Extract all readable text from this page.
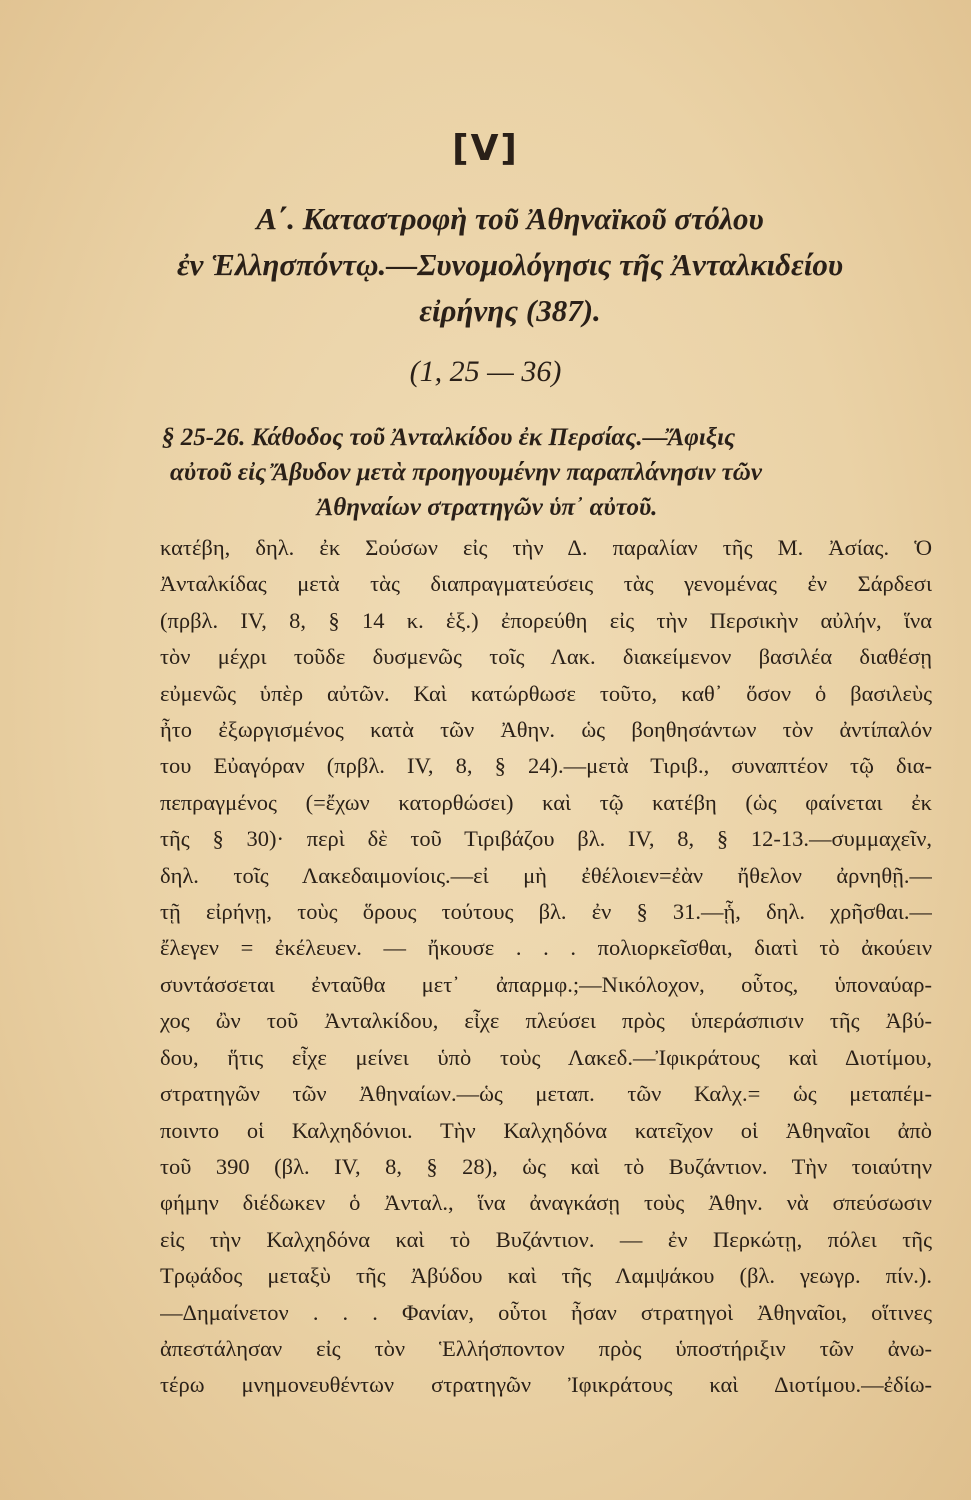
[V]
Α΄. Καταστροφὴ τοῦ Ἀθηναϊκοῦ στόλου
ἐν Ἑλλησπόντῳ.—Συνομολόγησις τῆς Ἀνταλκιδείου
εἰρήνης (387).
(1, 25 — 36)
§ 25-26. Κάθοδος τοῦ Ἀνταλκίδου ἐκ Περσίας.—Ἄφιξις
αὐτοῦ εἰς Ἄβυδον μετὰ προηγουμένην παραπλάνησιν τῶν
Ἀθηναίων στρατηγῶν ὑπ᾽ αὐτοῦ.
κατέβη, δηλ. ἐκ Σούσων εἰς τὴν Δ. παραλίαν τῆς Μ. Ἀσίας. Ὁ
Ἀνταλκίδας μετὰ τὰς διαπραγματεύσεις τὰς γενομένας ἐν Σάρδεσι
(πρβλ. IV, 8, § 14 κ. ἑξ.) ἐπορεύθη εἰς τὴν Περσικὴν αὐλήν, ἵνα
τὸν μέχρι τοῦδε δυσμενῶς τοῖς Λακ. διακείμενον βασιλέα διαθέσῃ
εὐμενῶς ὑπὲρ αὐτῶν. Καὶ κατώρθωσε τοῦτο, καθ᾽ ὅσον ὁ βασιλεὺς
ἦτο ἐξωργισμένος κατὰ τῶν Ἀθην. ὡς βοηθησάντων τὸν ἀντίπαλόν
του Εὐαγόραν (πρβλ. IV, 8, § 24).—μετὰ Τιριβ., συναπτέον τῷ δια-
πεπραγμένος (=ἔχων κατορθώσει) καὶ τῷ κατέβη (ὡς φαίνεται ἐκ
τῆς § 30)· περὶ δὲ τοῦ Τιριβάζου βλ. IV, 8, § 12-13.—συμμαχεῖν,
δηλ. τοῖς Λακεδαιμονίοις.—εἰ μὴ ἐθέλοιεν=ἐὰν ἤθελον ἀρνηθῇ.—
τῇ εἰρήνῃ, τοὺς ὅρους τούτους βλ. ἐν § 31.—ᾗ, δηλ. χρῆσθαι.—
ἔλεγεν = ἐκέλευεν. — ἤκουσε . . . πολιορκεῖσθαι, διατὶ τὸ ἀκούειν
συντάσσεται ἐνταῦθα μετ᾽ ἀπαρμφ.;—Νικόλοχον, οὗτος, ὑποναύαρ-
χος ὢν τοῦ Ἀνταλκίδου, εἶχε πλεύσει πρὸς ὑπεράσπισιν τῆς Ἀβύ-
δου, ἥτις εἶχε μείνει ὑπὸ τοὺς Λακεδ.—Ἰφικράτους καὶ Διοτίμου,
στρατηγῶν τῶν Ἀθηναίων.—ὡς μεταπ. τῶν Καλχ.= ὡς μεταπέμ-
ποιντο οἱ Καλχηδόνιοι. Τὴν Καλχηδόνα κατεῖχον οἱ Ἀθηναῖοι ἀπὸ
τοῦ 390 (βλ. IV, 8, § 28), ὡς καὶ τὸ Βυζάντιον. Τὴν τοιαύτην
φήμην διέδωκεν ὁ Ἀνταλ., ἵνα ἀναγκάσῃ τοὺς Ἀθην. νὰ σπεύσωσιν
εἰς τὴν Καλχηδόνα καὶ τὸ Βυζάντιον. — ἐν Περκώτῃ, πόλει τῆς
Τρῳάδος μεταξὺ τῆς Ἀβύδου καὶ τῆς Λαμψάκου (βλ. γεωγρ. πίν.).
—Δημαίνετον . . . Φανίαν, οὗτοι ἦσαν στρατηγοὶ Ἀθηναῖοι, οἵτινες
ἀπεστάλησαν εἰς τὸν Ἑλλήσποντον πρὸς ὑποστήριξιν τῶν ἀνω-
τέρω μνημονευθέντων στρατηγῶν Ἰφικράτους καὶ Διοτίμου.—ἐδίω-
